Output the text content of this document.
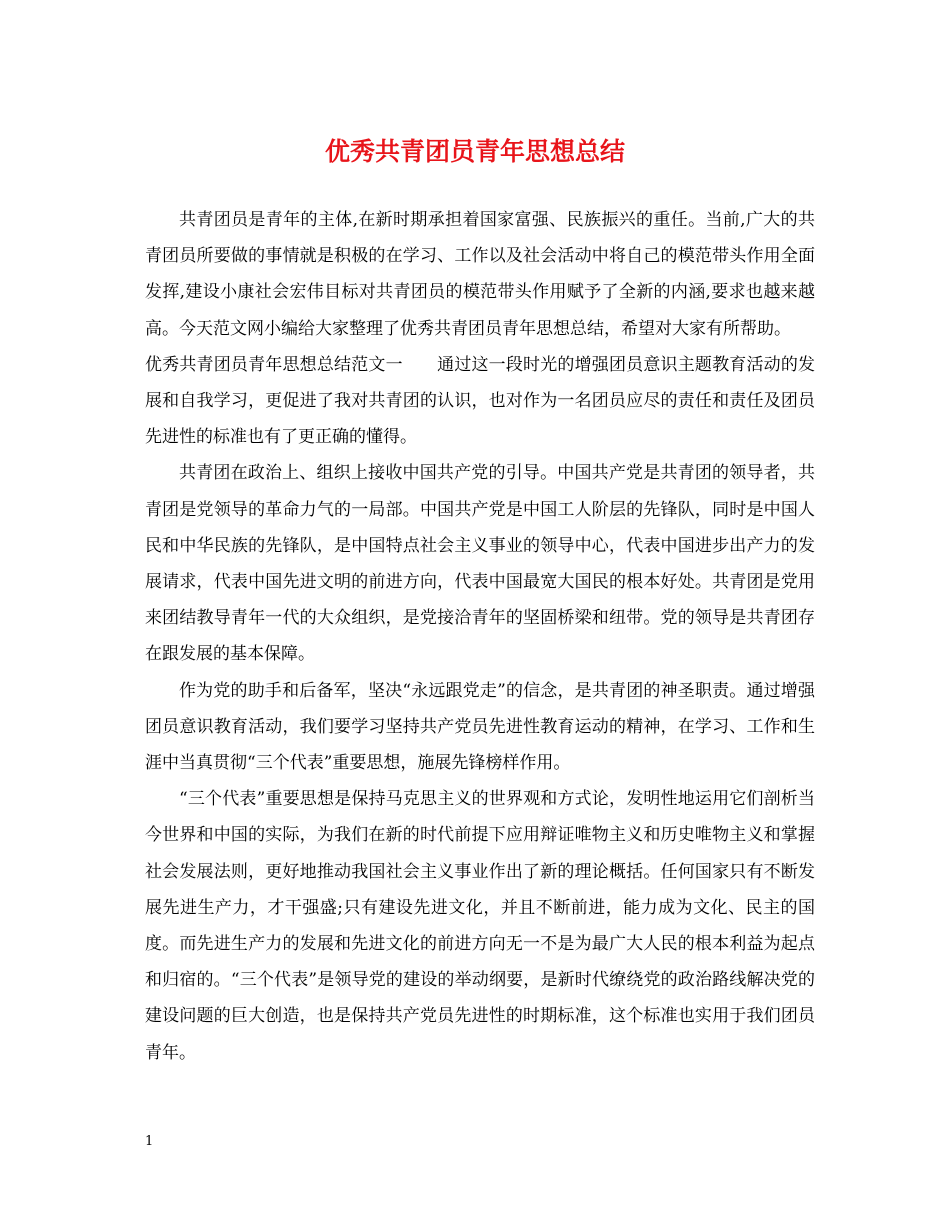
优秀共青团员青年思想总结

共青团员是青年的主体,在新时期承担着国家富强、民族振兴的重任。当前,广大的共青团员所要做的事情就是积极的在学习、工作以及社会活动中将自己的模范带头作用全面发挥,建设小康社会宏伟目标对共青团员的模范带头作用赋予了全新的内涵,要求也越来越高。今天范文网小编给大家整理了优秀共青团员青年思想总结，希望对大家有所帮助。

优秀共青团员青年思想总结范文一　　通过这一段时光的增强团员意识主题教育活动的发展和自我学习，更促进了我对共青团的认识，也对作为一名团员应尽的责任和责任及团员先进性的标准也有了更正确的懂得。

共青团在政治上、组织上接收中国共产党的引导。中国共产党是共青团的领导者，共青团是党领导的革命力气的一局部。中国共产党是中国工人阶层的先锋队，同时是中国人民和中华民族的先锋队，是中国特点社会主义事业的领导中心，代表中国进步出产力的发展请求，代表中国先进文明的前进方向，代表中国最宽大国民的根本好处。共青团是党用来团结教导青年一代的大众组织，是党接洽青年的坚固桥梁和纽带。党的领导是共青团存在跟发展的基本保障。

作为党的助手和后备军，坚决“永远跟党走”的信念，是共青团的神圣职责。通过增强团员意识教育活动，我们要学习坚持共产党员先进性教育运动的精神，在学习、工作和生涯中当真贯彻“三个代表”重要思想，施展先锋榜样作用。

“三个代表”重要思想是保持马克思主义的世界观和方式论，发明性地运用它们剖析当今世界和中国的实际，为我们在新的时代前提下应用辩证唯物主义和历史唯物主义和掌握社会发展法则，更好地推动我国社会主义事业作出了新的理论概括。任何国家只有不断发展先进生产力，才干强盛;只有建设先进文化，并且不断前进，能力成为文化、民主的国度。而先进生产力的发展和先进文化的前进方向无一不是为最广大人民的根本利益为起点和归宿的。“三个代表”是领导党的建设的举动纲要，是新时代缭绕党的政治路线解决党的建设问题的巨大创造，也是保持共产党员先进性的时期标准，这个标准也实用于我们团员青年。

1
